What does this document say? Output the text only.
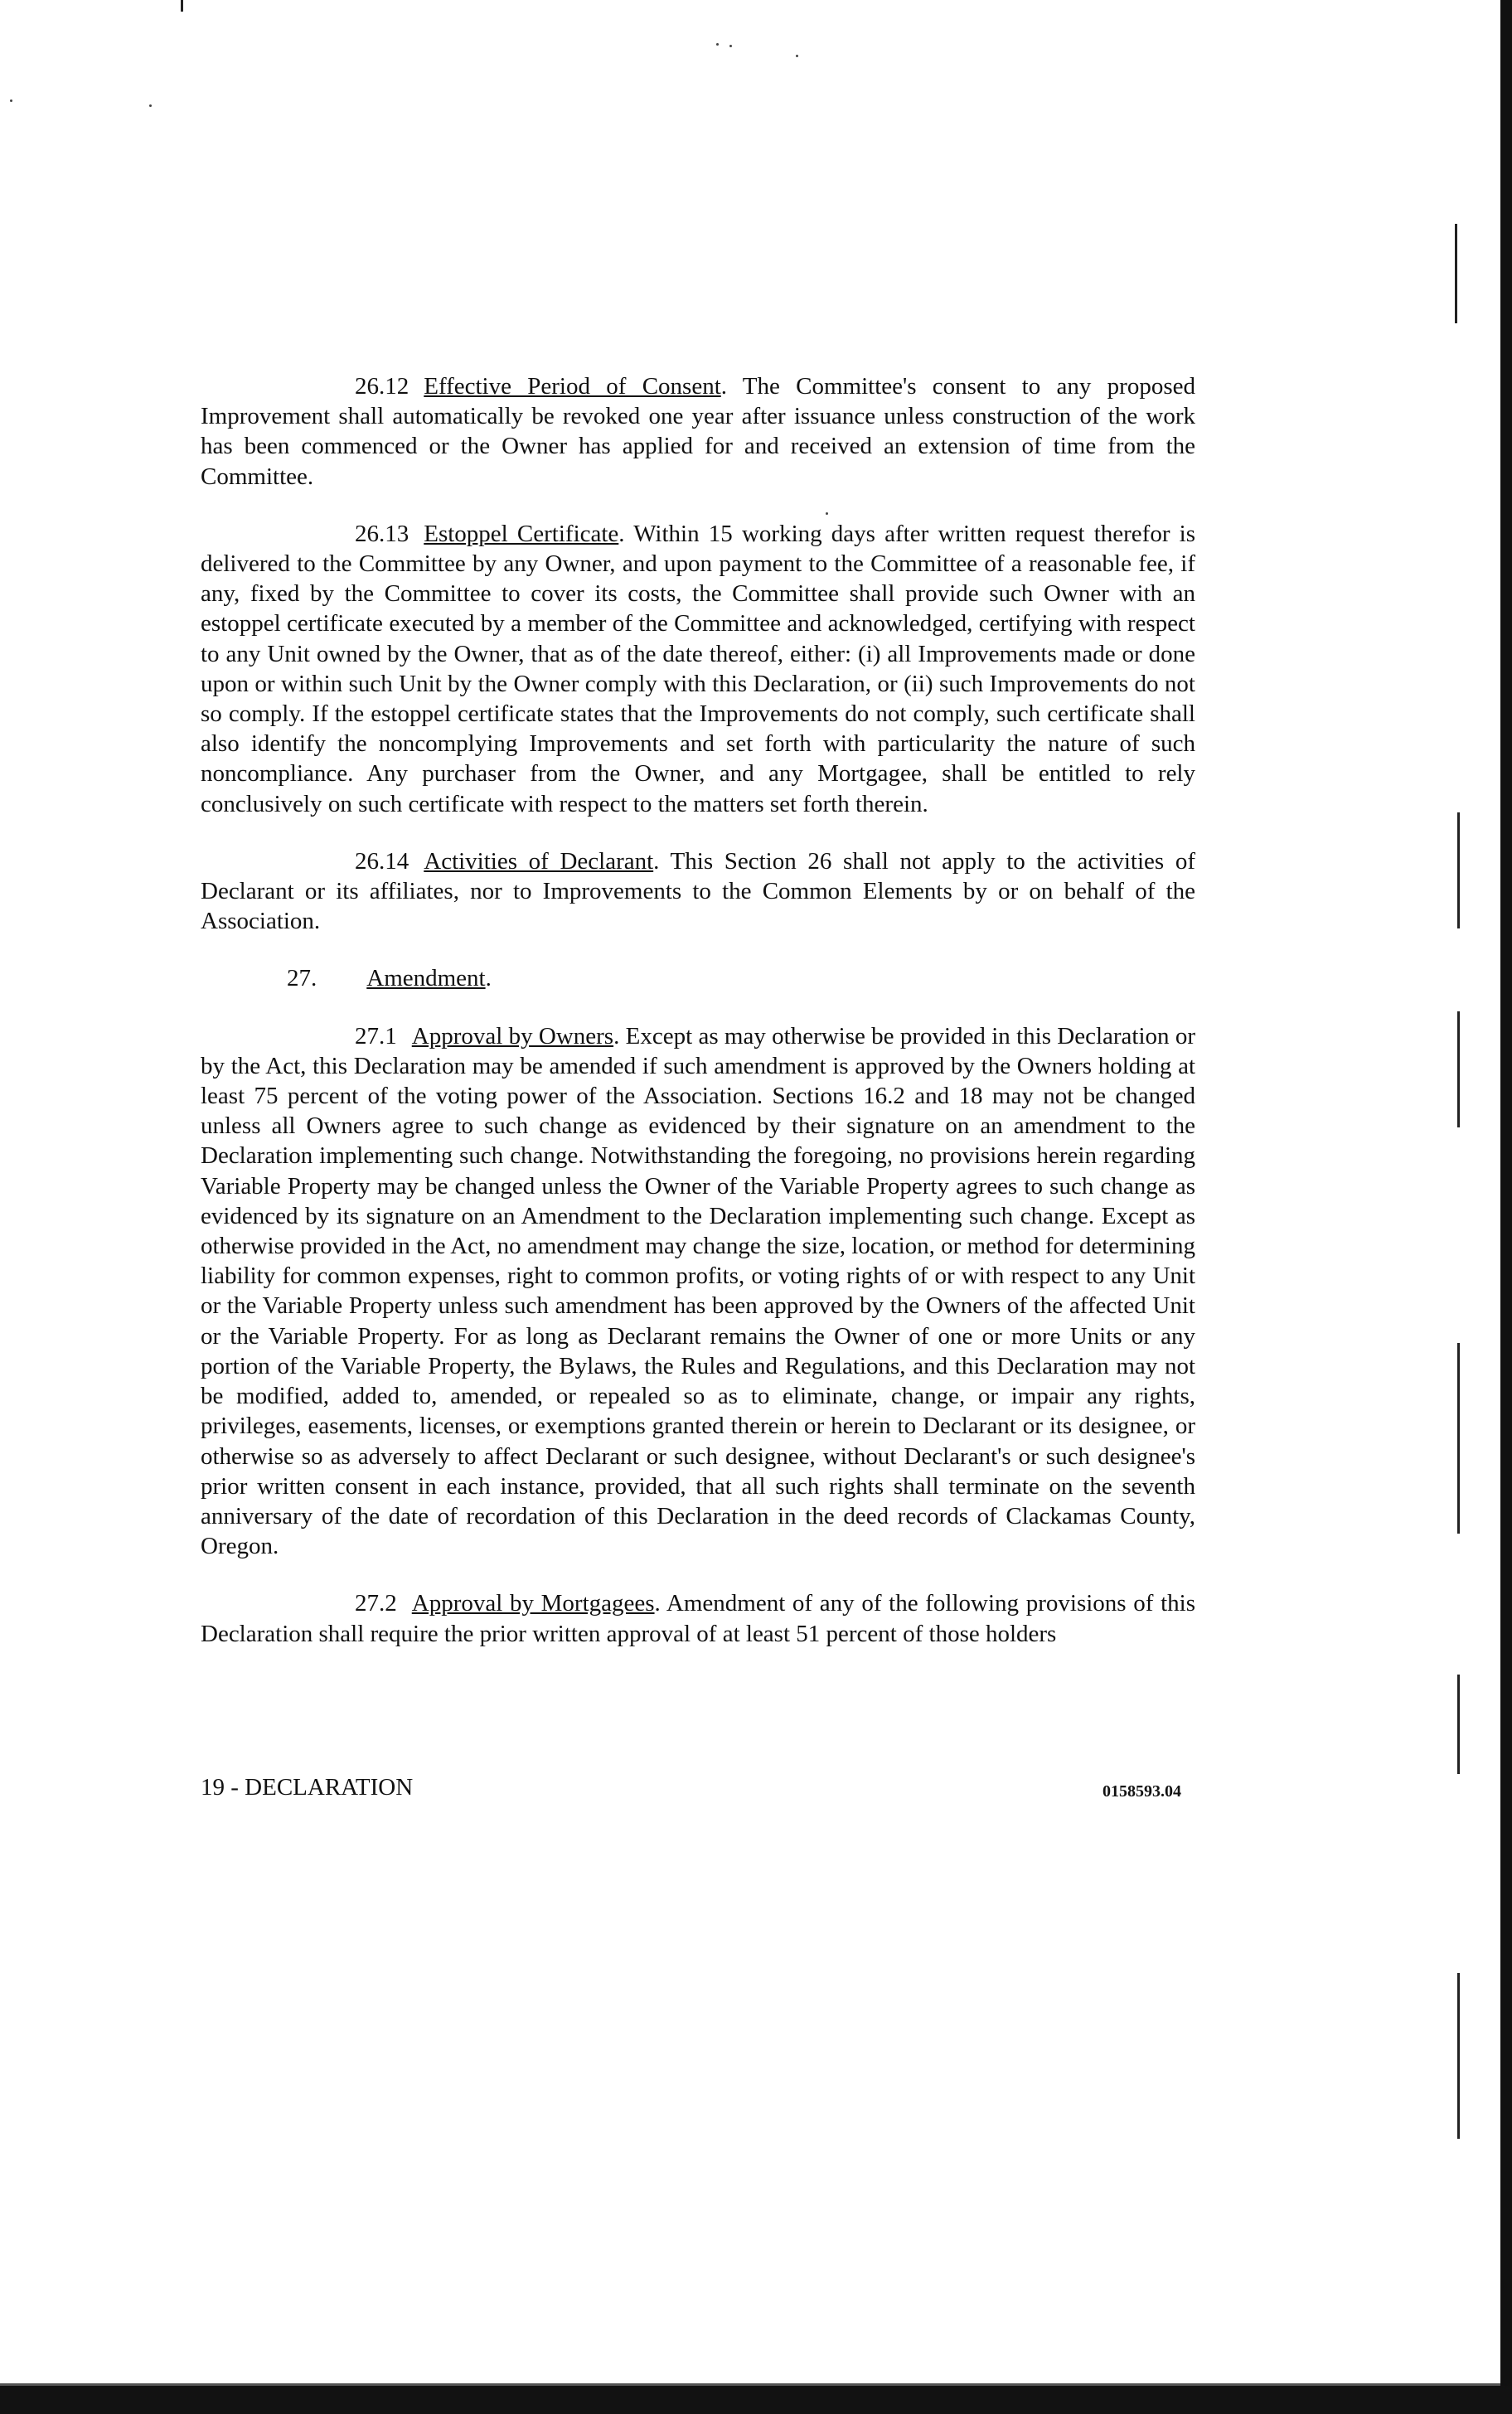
26.12 Effective Period of Consent. The Committee's consent to any proposed Improvement shall automatically be revoked one year after issuance unless construction of the work has been commenced or the Owner has applied for and received an extension of time from the Committee.

26.13 Estoppel Certificate. Within 15 working days after written request therefor is delivered to the Committee by any Owner, and upon payment to the Committee of a reasonable fee, if any, fixed by the Committee to cover its costs, the Committee shall provide such Owner with an estoppel certificate executed by a member of the Committee and acknowledged, certifying with respect to any Unit owned by the Owner, that as of the date thereof, either: (i) all Improvements made or done upon or within such Unit by the Owner comply with this Declaration, or (ii) such Improvements do not so comply. If the estoppel certificate states that the Improvements do not comply, such certificate shall also identify the noncomplying Improvements and set forth with particularity the nature of such noncompliance. Any purchaser from the Owner, and any Mortgagee, shall be entitled to rely conclusively on such certificate with respect to the matters set forth therein.

26.14 Activities of Declarant. This Section 26 shall not apply to the activities of Declarant or its affiliates, nor to Improvements to the Common Elements by or on behalf of the Association.

27. Amendment.

27.1 Approval by Owners. Except as may otherwise be provided in this Declaration or by the Act, this Declaration may be amended if such amendment is approved by the Owners holding at least 75 percent of the voting power of the Association. Sections 16.2 and 18 may not be changed unless all Owners agree to such change as evidenced by their signature on an amendment to the Declaration implementing such change. Notwithstanding the foregoing, no provisions herein regarding Variable Property may be changed unless the Owner of the Variable Property agrees to such change as evidenced by its signature on an Amendment to the Declaration implementing such change. Except as otherwise provided in the Act, no amendment may change the size, location, or method for determining liability for common expenses, right to common profits, or voting rights of or with respect to any Unit or the Variable Property unless such amendment has been approved by the Owners of the affected Unit or the Variable Property. For as long as Declarant remains the Owner of one or more Units or any portion of the Variable Property, the Bylaws, the Rules and Regulations, and this Declaration may not be modified, added to, amended, or repealed so as to eliminate, change, or impair any rights, privileges, easements, licenses, or exemptions granted therein or herein to Declarant or its designee, or otherwise so as adversely to affect Declarant or such designee, without Declarant's or such designee's prior written consent in each instance, provided, that all such rights shall terminate on the seventh anniversary of the date of recordation of this Declaration in the deed records of Clackamas County, Oregon.

27.2 Approval by Mortgagees. Amendment of any of the following provisions of this Declaration shall require the prior written approval of at least 51 percent of those holders

19 - DECLARATION	0158593.04
